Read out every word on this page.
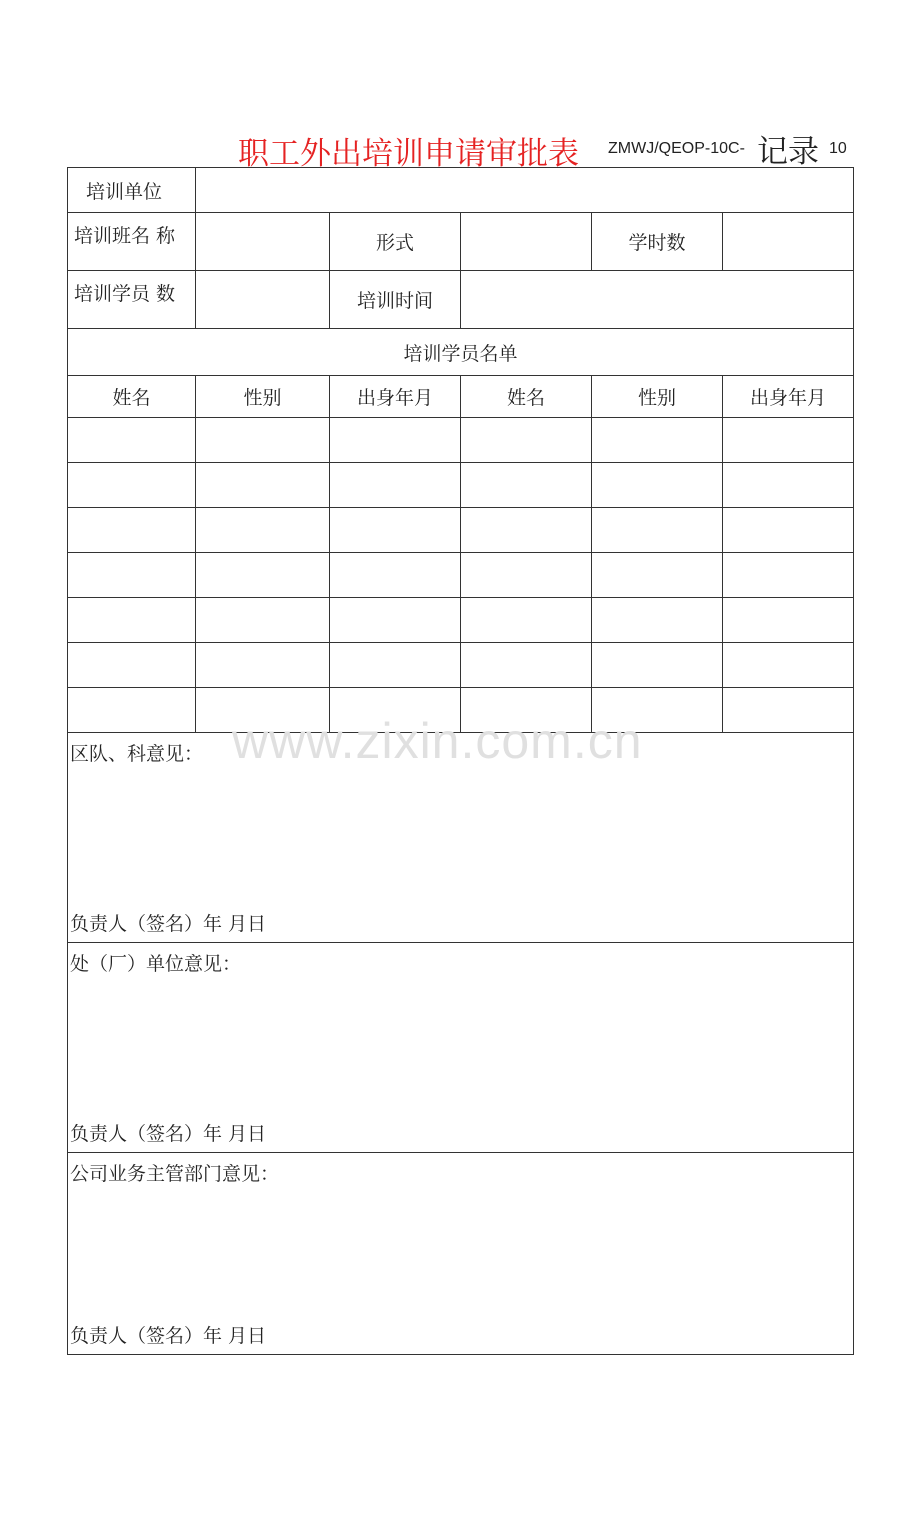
职工外出培训申请审批表 ZMWJ/QEOP-10C- 记录 10
培训单位					
培训班名 称		形式		学时数	
培训学员 数		培训时间			
培训学员名单					
姓名	性别	出身年月	姓名	性别	出身年月

区队、科意见：
负责人（签名）年 月日					

处（厂）单位意见：
负责人（签名）年 月日					

公司业务主管部门意见：
负责人（签名）年 月日					
www.zixin.com.cn
